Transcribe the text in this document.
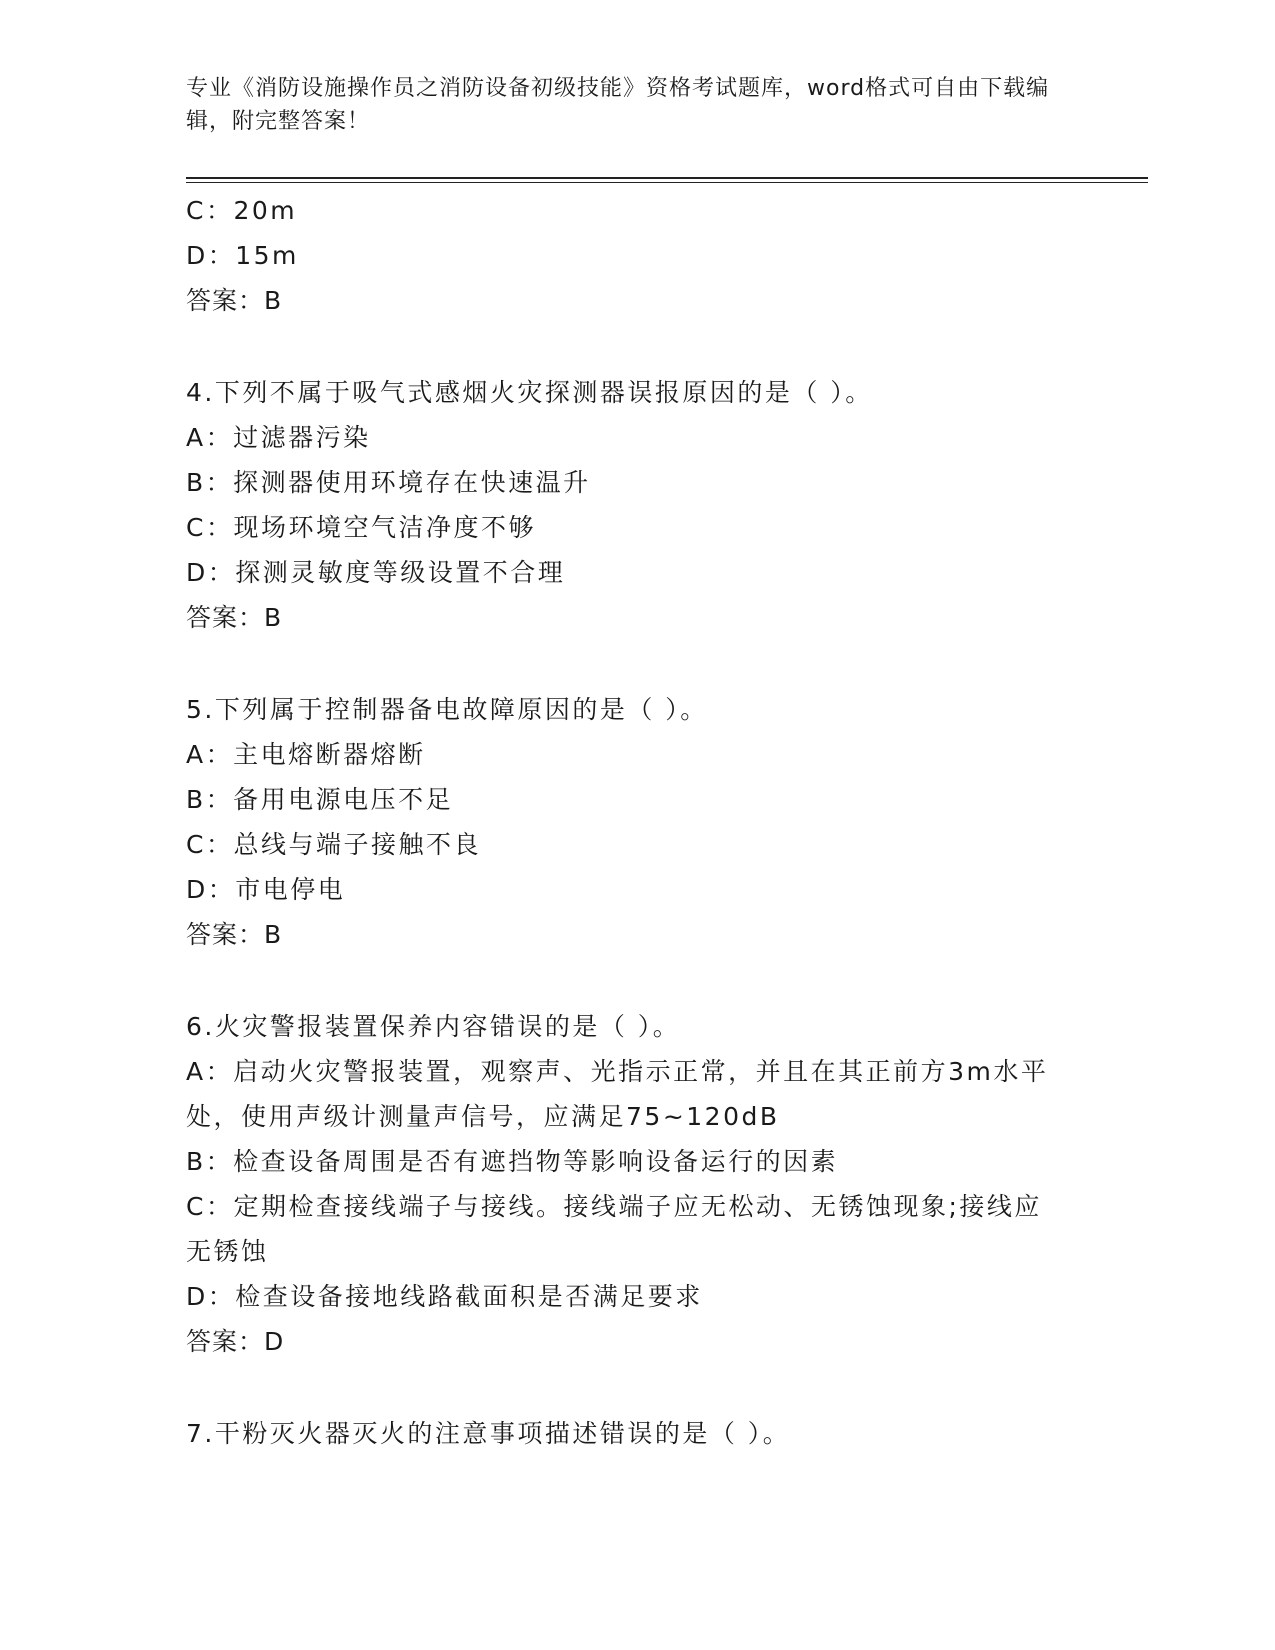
专业《消防设施操作员之消防设备初级技能》资格考试题库，word格式可自由下载编辑，附完整答案！
C：20m
D：15m
答案：B
4.下列不属于吸气式感烟火灾探测器误报原因的是（ ）。
A：过滤器污染
B：探测器使用环境存在快速温升
C：现场环境空气洁净度不够
D：探测灵敏度等级设置不合理
答案：B
5.下列属于控制器备电故障原因的是（ ）。
A：主电熔断器熔断
B：备用电源电压不足
C：总线与端子接触不良
D：市电停电
答案：B
6.火灾警报装置保养内容错误的是（ ）。
A：启动火灾警报装置，观察声、光指示正常，并且在其正前方3m水平处，使用声级计测量声信号，应满足75~120dB
B：检查设备周围是否有遮挡物等影响设备运行的因素
C：定期检查接线端子与接线。接线端子应无松动、无锈蚀现象;接线应无锈蚀
D：检查设备接地线路截面积是否满足要求
答案：D
7.干粉灭火器灭火的注意事项描述错误的是（ ）。
